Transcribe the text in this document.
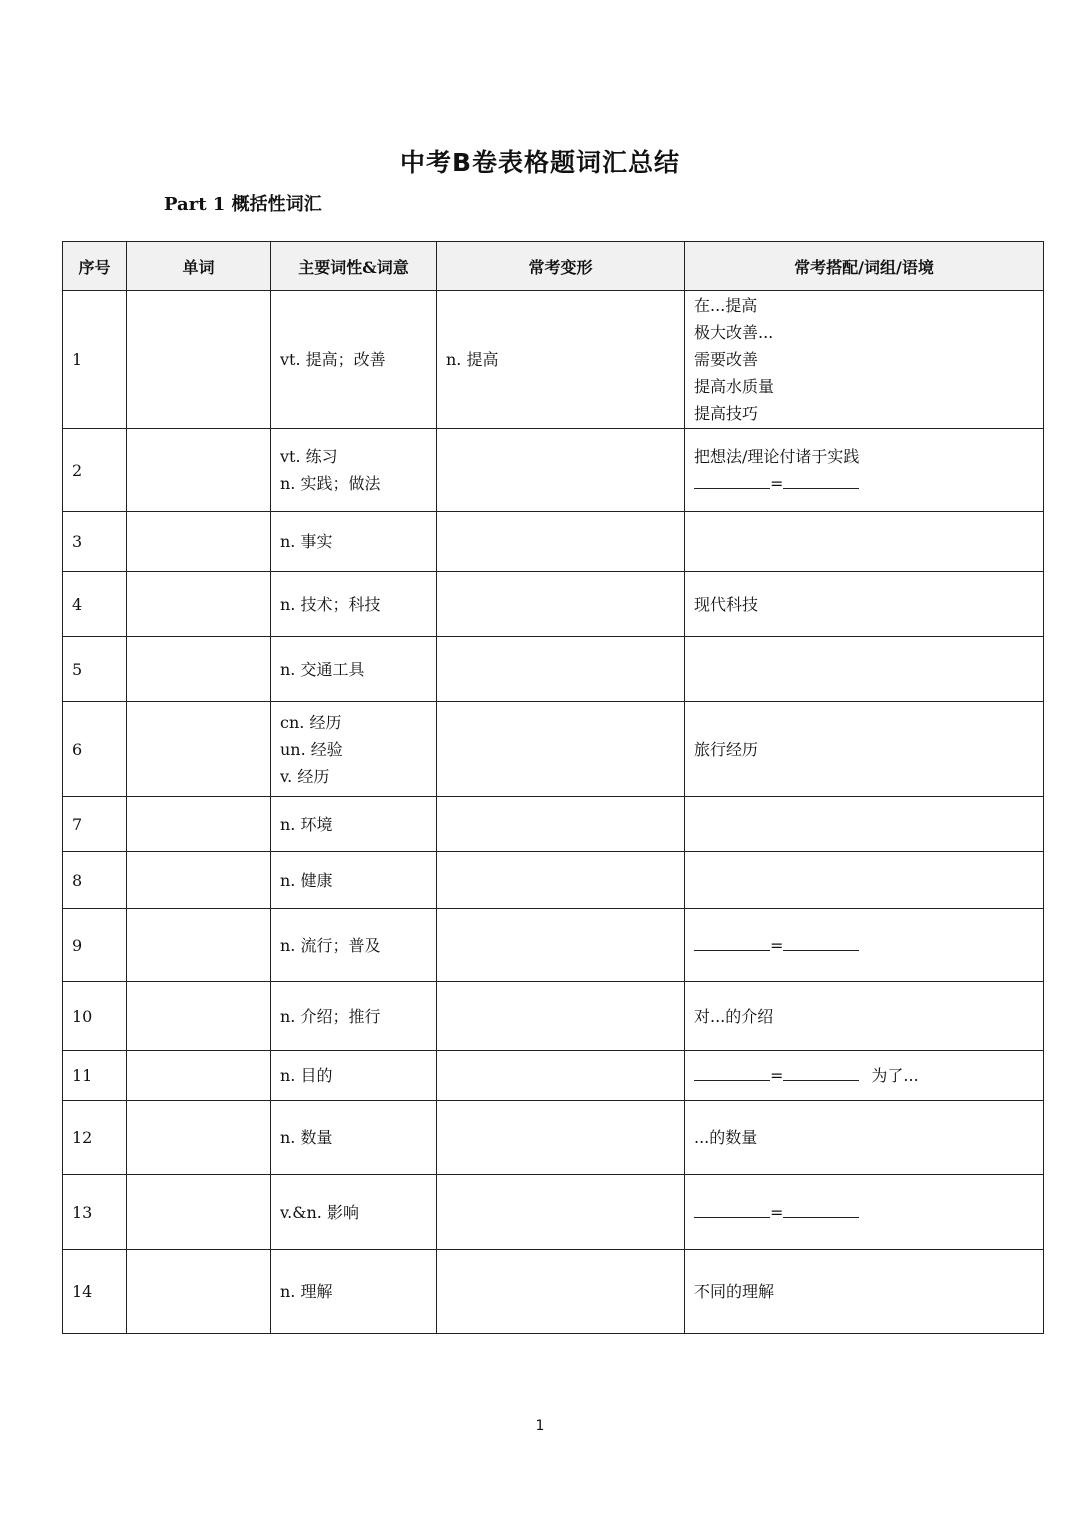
中考B卷表格题词汇总结
Part 1 概括性词汇
序号	单词	主要词性&词意	常考变形	常考搭配/词组/语境
1		vt. 提高；改善	n. 提高	在...提高
极大改善...
需要改善
提高水质量
提高技巧

2		vt. 练习
n. 实践；做法		把想法/理论付诸于实践
=

3		n. 事实		

4		n. 技术；科技		现代科技

5		n. 交通工具		

6		cn. 经历
un. 经验
v. 经历		旅行经历

7		n. 环境		

8		n. 健康		

9		n. 流行；普及		=

10		n. 介绍；推行		对...的介绍

11		n. 目的		= 为了...

12		n. 数量		...的数量

13		v.&n. 影响		=

14		n. 理解		不同的理解
1
